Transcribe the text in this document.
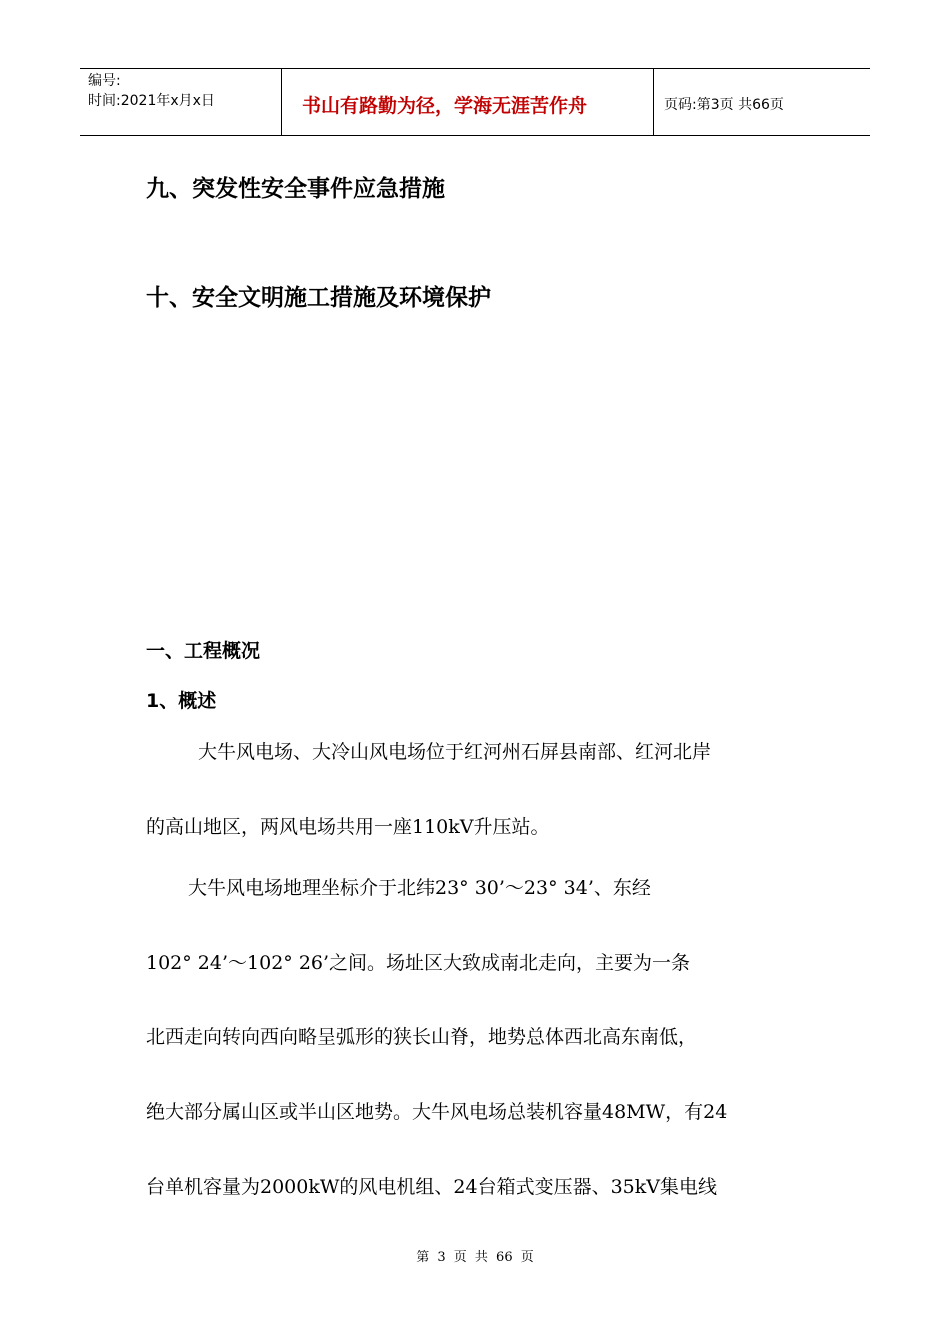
编号:
时间:2021年x月x日	书山有路勤为径，学海无涯苦作舟	页码:第3页 共66页
九、突发性安全事件应急措施
十、安全文明施工措施及环境保护
一、工程概况
1、概述
大牛风电场、大冷山风电场位于红河州石屏县南部、红河北岸
的高山地区，两风电场共用一座110kV升压站。
大牛风电场地理坐标介于北纬23° 30’～23° 34’、东经
102° 24’～102° 26’之间。场址区大致成南北走向，主要为一条
北西走向转向西向略呈弧形的狭长山脊，地势总体西北高东南低，
绝大部分属山区或半山区地势。大牛风电场总装机容量48MW，有24
台单机容量为2000kW的风电机组、24台箱式变压器、35kV集电线
第 3 页 共 66 页
